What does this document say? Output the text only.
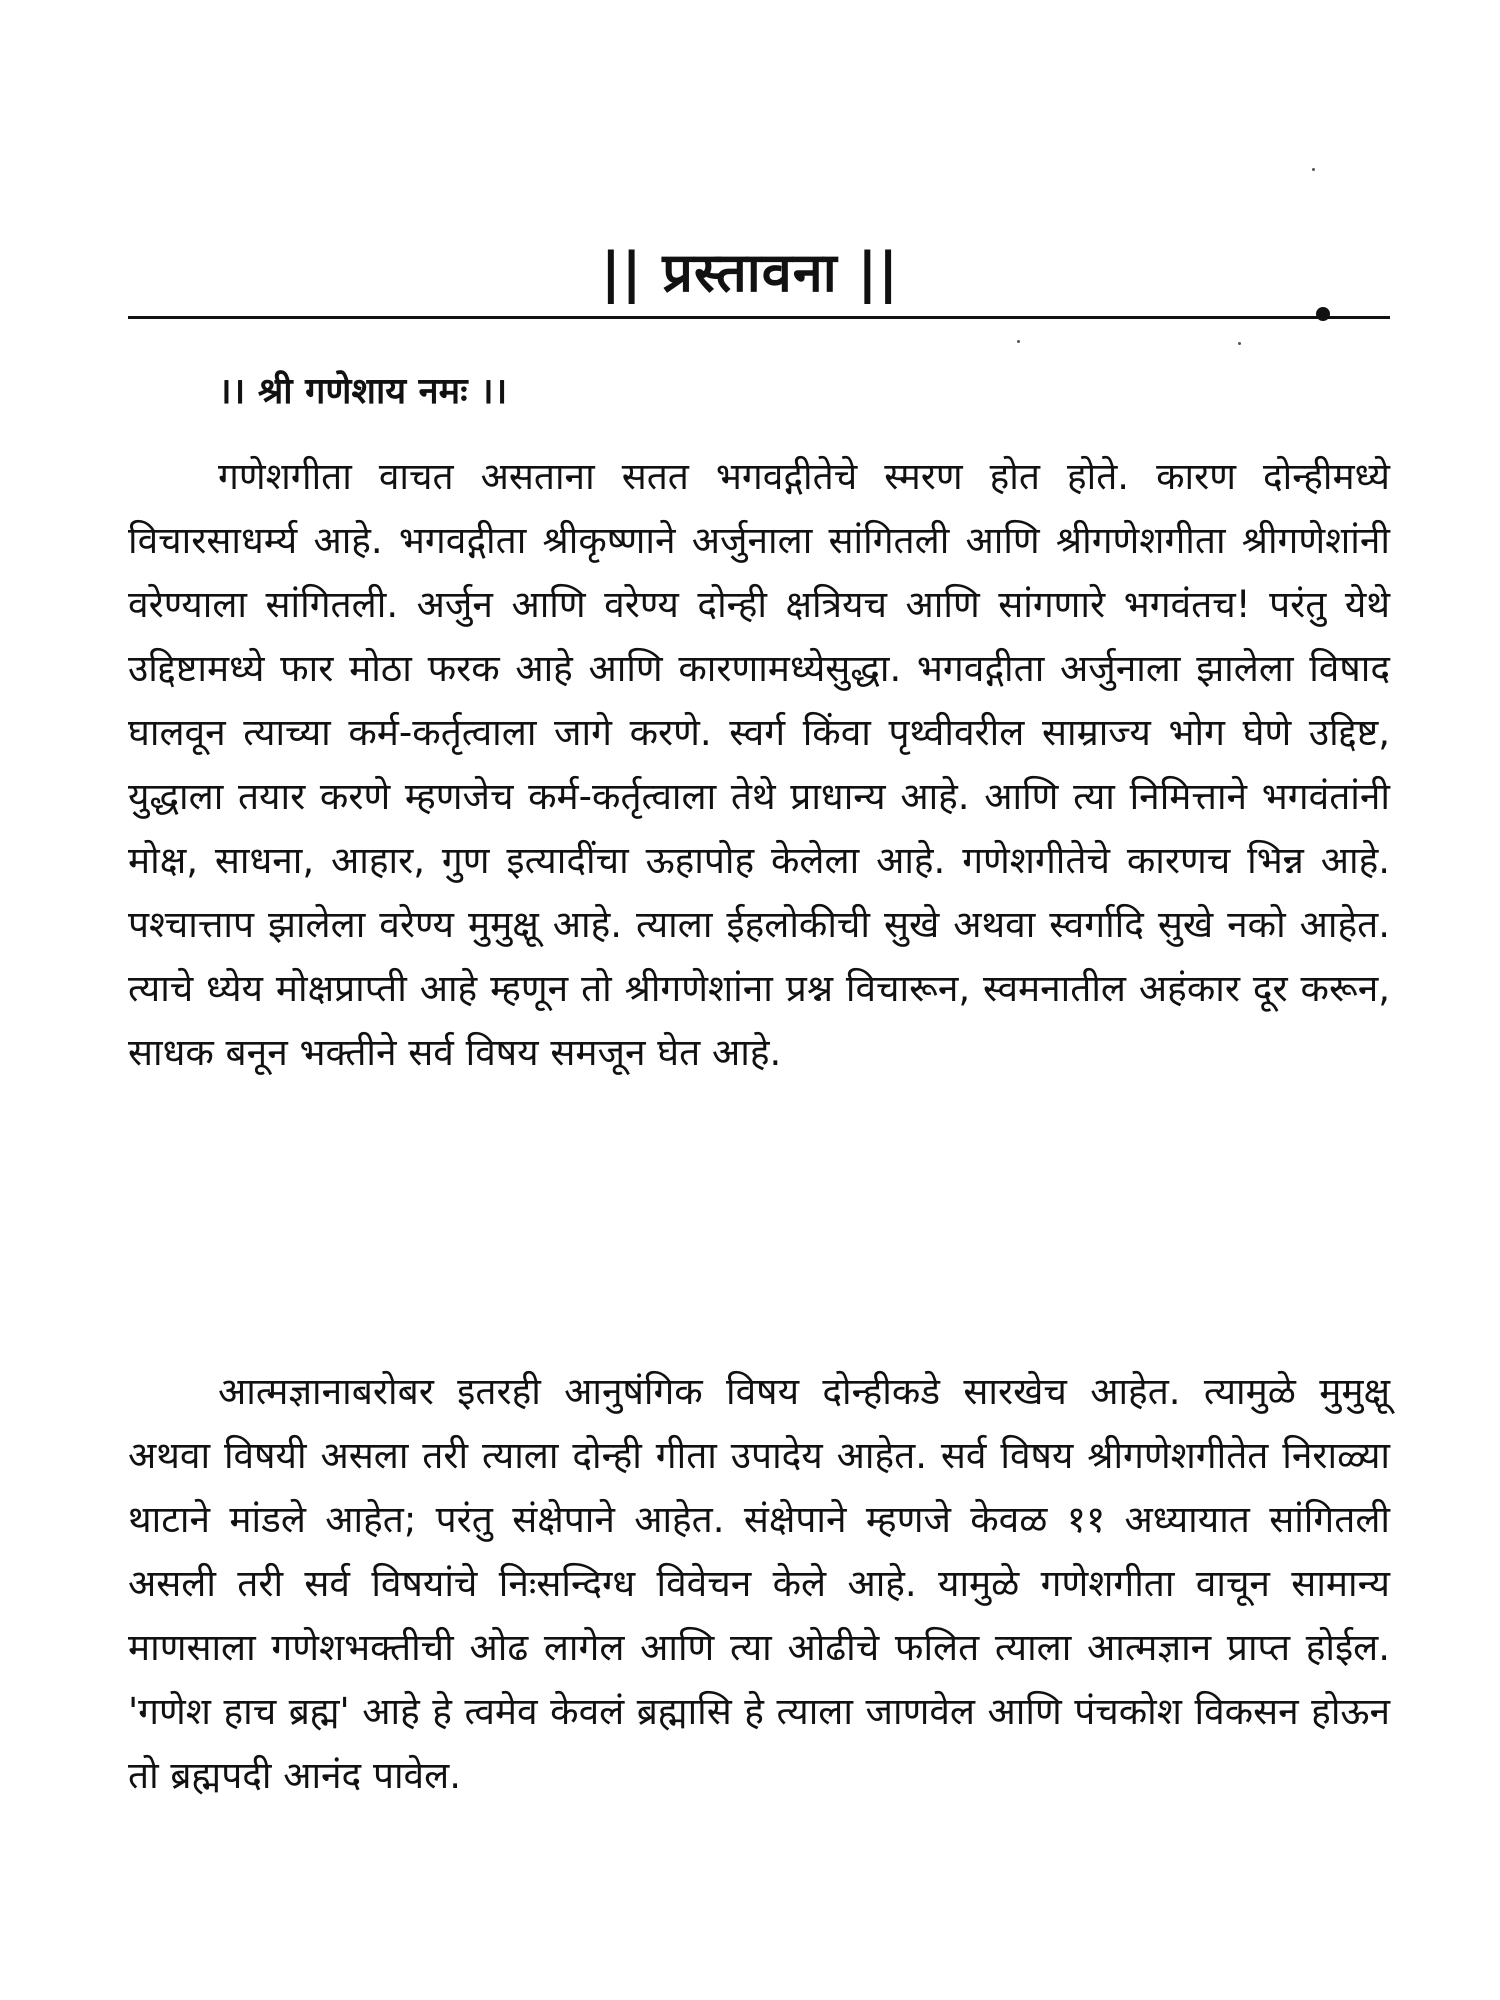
|| प्रस्तावना ||
।। श्री गणेशाय नमः ।।

गणेशगीता वाचत असताना सतत भगवद्गीतेचे स्मरण होत होते. कारण दोन्हीमध्ये विचारसाधर्म्य आहे. भगवद्गीता श्रीकृष्णाने अर्जुनाला सांगितली आणि श्रीगणेशगीता श्रीगणेशांनी वरेण्याला सांगितली. अर्जुन आणि वरेण्य दोन्ही क्षत्रियच आणि सांगणारे भगवंतच! परंतु येथे उद्दिष्टामध्ये फार मोठा फरक आहे आणि कारणामध्येसुद्धा. भगवद्गीता अर्जुनाला झालेला विषाद घालवून त्याच्या कर्म-कर्तृत्वाला जागे करणे. स्वर्ग किंवा पृथ्वीवरील साम्राज्य भोग घेणे उद्दिष्ट, युद्धाला तयार करणे म्हणजेच कर्म-कर्तृत्वाला तेथे प्राधान्य आहे. आणि त्या निमित्ताने भगवंतांनी मोक्ष, साधना, आहार, गुण इत्यादींचा ऊहापोह केलेला आहे. गणेशगीतेचे कारणच भिन्न आहे. पश्चात्ताप झालेला वरेण्य मुमुक्षू आहे. त्याला ईहलोकीची सुखे अथवा स्वर्गादि सुखे नको आहेत. त्याचे ध्येय मोक्षप्राप्ती आहे म्हणून तो श्रीगणेशांना प्रश्न विचारून, स्वमनातील अहंकार दूर करून, साधक बनून भक्तीने सर्व विषय समजून घेत आहे.

आत्मज्ञानाबरोबर इतरही आनुषंगिक विषय दोन्हीकडे सारखेच आहेत. त्यामुळे मुमुक्षू अथवा विषयी असला तरी त्याला दोन्ही गीता उपादेय आहेत. सर्व विषय श्रीगणेशगीतेत निराळ्या थाटाने मांडले आहेत; परंतु संक्षेपाने आहेत. संक्षेपाने म्हणजे केवळ ११ अध्यायात सांगितली असली तरी सर्व विषयांचे निःसन्दिग्ध विवेचन केले आहे. यामुळे गणेशगीता वाचून सामान्य माणसाला गणेशभक्तीची ओढ लागेल आणि त्या ओढीचे फलित त्याला आत्मज्ञान प्राप्त होईल. 'गणेश हाच ब्रह्म' आहे हे त्वमेव केवलं ब्रह्मासि हे त्याला जाणवेल आणि पंचकोश विकसन होऊन तो ब्रह्मपदी आनंद पावेल.
